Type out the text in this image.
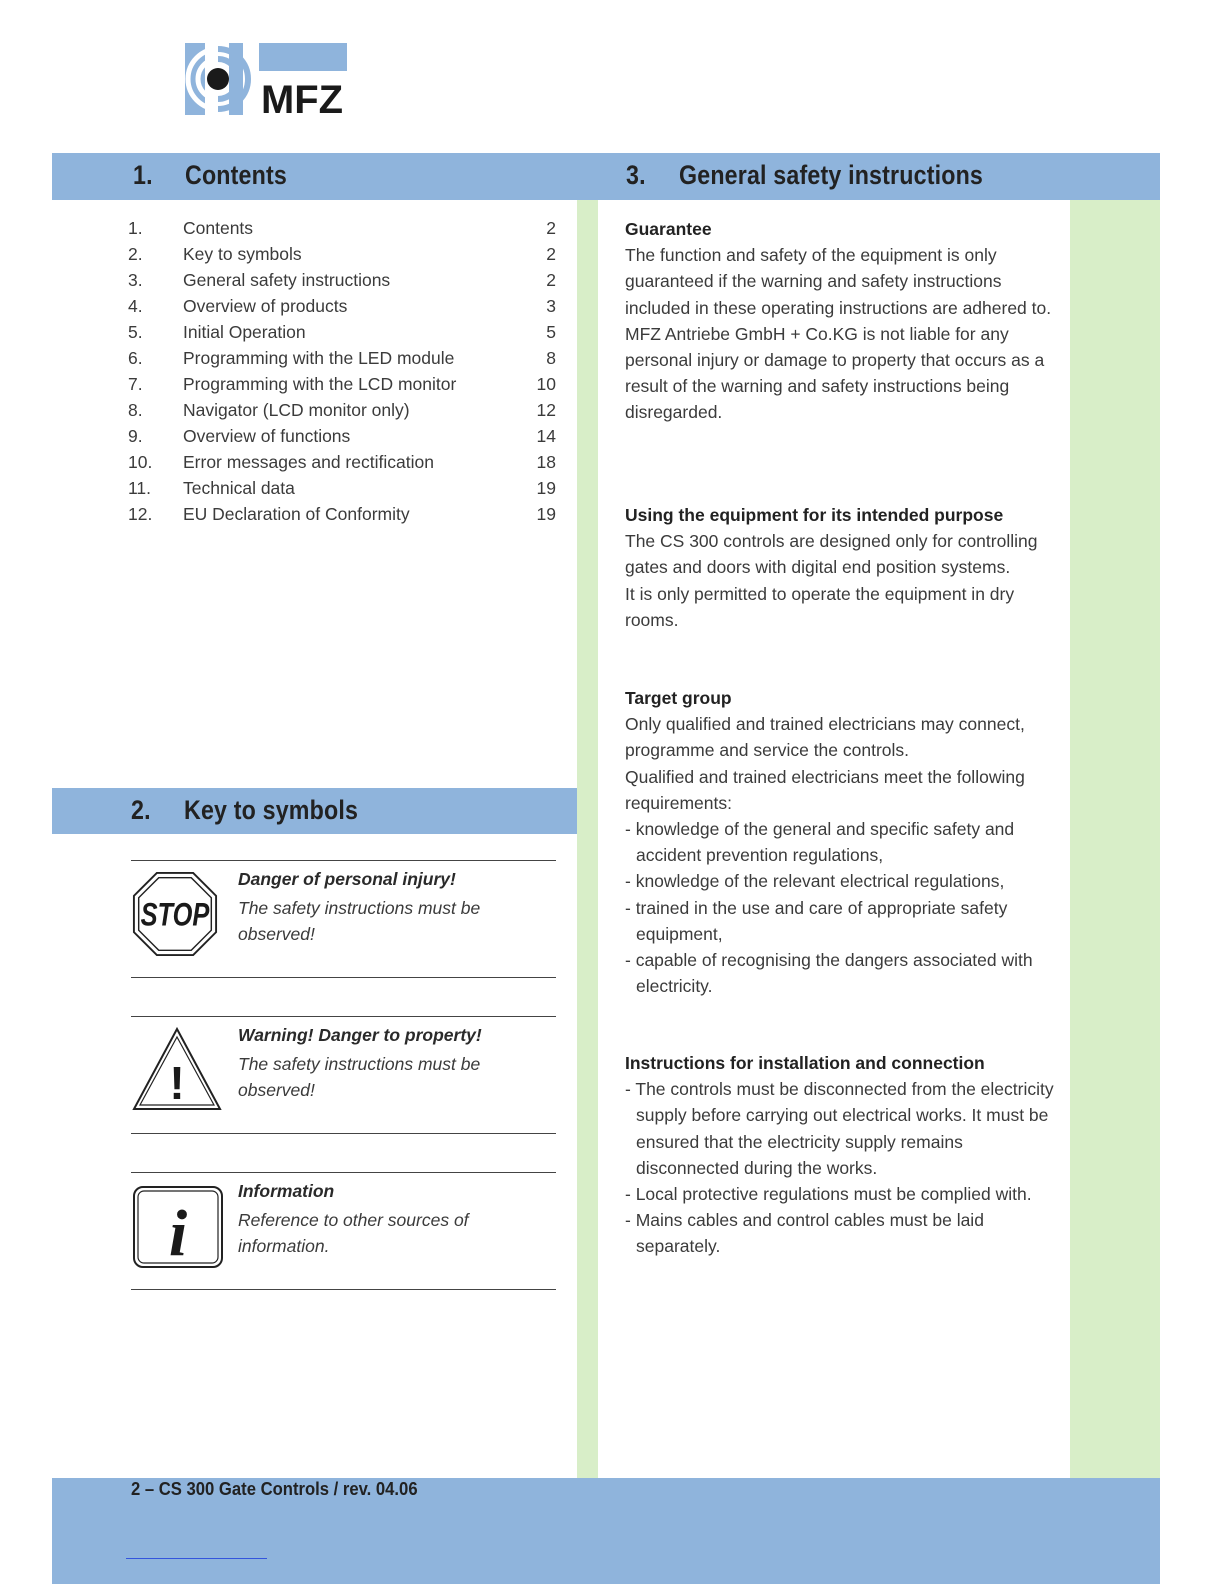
MFZ
1. Contents	3. General safety instructions
1. Contents	2
2. Key to symbols	2
3. General safety instructions	2
4. Overview of products	3
5. Initial Operation	5
6. Programming with the LED module	8
7. Programming with the LCD monitor	10
8. Navigator (LCD monitor only)	12
9. Overview of functions	14
10. Error messages and rectification	18
11. Technical data	19
12. EU Declaration of Conformity	19
2. Key to symbols
STOP
Danger of personal injury!
The safety instructions must be observed!
!
Warning! Danger to property!
The safety instructions must be observed!
i
Information
Reference to other sources of information.
Guarantee
The function and safety of the equipment is only guaranteed if the warning and safety instructions included in these operating instructions are adhered to.
MFZ Antriebe GmbH + Co.KG is not liable for any personal injury or damage to property that occurs as a result of the warning and safety instructions being disregarded.
Using the equipment for its intended purpose
The CS 300 controls are designed only for controlling gates and doors with digital end position systems.
It is only permitted to operate the equipment in dry rooms.
Target group
Only qualified and trained electricians may connect, programme and service the controls.
Qualified and trained electricians meet the following requirements:
- knowledge of the general and specific safety and accident prevention regulations,
- knowledge of the relevant electrical regulations,
- trained in the use and care of appropriate safety equipment,
- capable of recognising the dangers associated with electricity.
Instructions for installation and connection
- The controls must be disconnected from the electricity supply before carrying out electrical works. It must be ensured that the electricity supply remains disconnected during the works.
- Local protective regulations must be complied with.
- Mains cables and control cables must be laid separately.
2 – CS 300 Gate Controls / rev. 04.06
